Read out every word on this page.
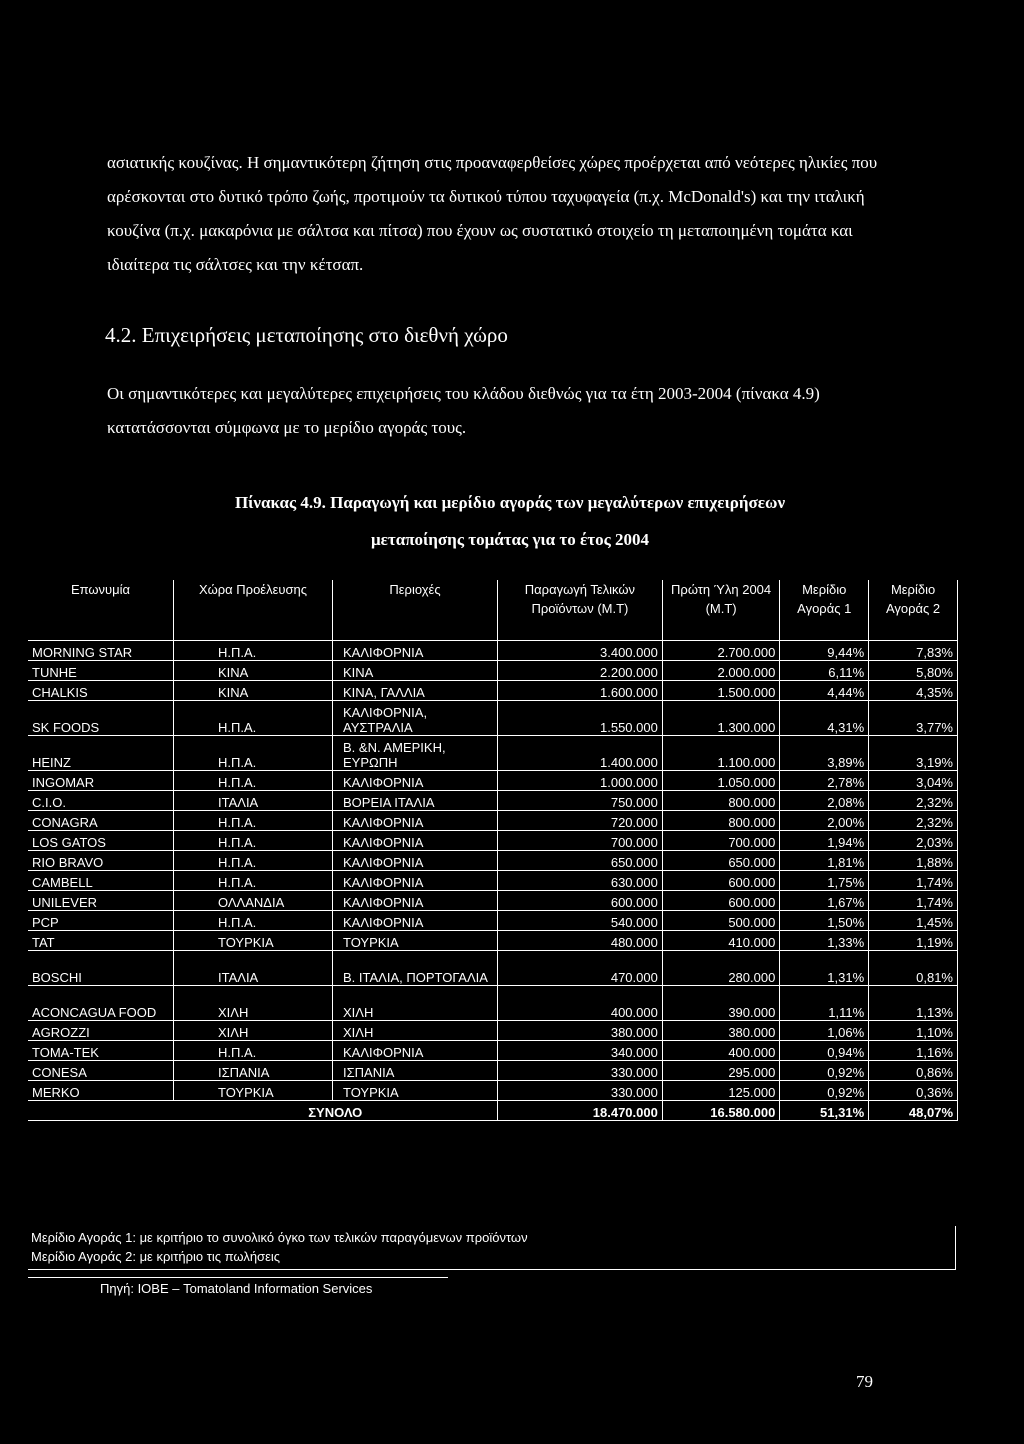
ασιατικής κουζίνας. Η σημαντικότερη ζήτηση στις προαναφερθείσες χώρες προέρχεται από νεότερες ηλικίες που αρέσκονται στο δυτικό τρόπο ζωής, προτιμούν τα δυτικού τύπου ταχυφαγεία (π.χ. McDonald's) και την ιταλική κουζίνα (π.χ. μακαρόνια με σάλτσα και πίτσα) που έχουν ως συστατικό στοιχείο τη μεταποιημένη τομάτα και ιδιαίτερα τις σάλτσες και την κέτσαπ.

4.2. Επιχειρήσεις μεταποίησης στο διεθνή χώρο

Οι σημαντικότερες και μεγαλύτερες επιχειρήσεις του κλάδου διεθνώς για τα έτη 2003-2004 (πίνακα 4.9) κατατάσσονται σύμφωνα με το μερίδιο αγοράς τους.

Πίνακας 4.9. Παραγωγή και μερίδιο αγοράς των μεγαλύτερων επιχειρήσεων
μεταποίησης τομάτας για το έτος 2004
Επωνυμία	Χώρα Προέλευσης	Περιοχές	Παραγωγή Τελικών Προϊόντων (Μ.Τ)	Πρώτη Ύλη 2004 (Μ.Τ)	Μερίδιο Αγοράς 1	Μερίδιο Αγοράς 2
MORNING STAR	Η.Π.Α.	ΚΑΛΙΦΟΡΝΙΑ	3.400.000	2.700.000	9,44%	7,83%
TUNHE	ΚΙΝΑ	ΚΙΝΑ	2.200.000	2.000.000	6,11%	5,80%
CHALKIS	ΚΙΝΑ	ΚΙΝΑ, ΓΑΛΛΙΑ	1.600.000	1.500.000	4,44%	4,35%
SK FOODS	Η.Π.Α.	ΚΑΛΙΦΟΡΝΙΑ, ΑΥΣΤΡΑΛΙΑ	1.550.000	1.300.000	4,31%	3,77%
HEINZ	Η.Π.Α.	Β. &Ν. ΑΜΕΡΙΚΗ, ΕΥΡΩΠΗ	1.400.000	1.100.000	3,89%	3,19%
INGOMAR	Η.Π.Α.	ΚΑΛΙΦΟΡΝΙΑ	1.000.000	1.050.000	2,78%	3,04%
C.I.O.	ΙΤΑΛΙΑ	ΒΟΡΕΙΑ ΙΤΑΛΙΑ	750.000	800.000	2,08%	2,32%
CONAGRA	Η.Π.Α.	ΚΑΛΙΦΟΡΝΙΑ	720.000	800.000	2,00%	2,32%
LOS GATOS	Η.Π.Α.	ΚΑΛΙΦΟΡΝΙΑ	700.000	700.000	1,94%	2,03%
RIO BRAVO	Η.Π.Α.	ΚΑΛΙΦΟΡΝΙΑ	650.000	650.000	1,81%	1,88%
CAMBELL	Η.Π.Α.	ΚΑΛΙΦΟΡΝΙΑ	630.000	600.000	1,75%	1,74%
UNILEVER	ΟΛΛΑΝΔΙΑ	ΚΑΛΙΦΟΡΝΙΑ	600.000	600.000	1,67%	1,74%
PCP	Η.Π.Α.	ΚΑΛΙΦΟΡΝΙΑ	540.000	500.000	1,50%	1,45%
TAT	ΤΟΥΡΚΙΑ	ΤΟΥΡΚΙΑ	480.000	410.000	1,33%	1,19%
BOSCHI	ΙΤΑΛΙΑ	Β. ΙΤΑΛΙΑ, ΠΟΡΤΟΓΑΛΙΑ	470.000	280.000	1,31%	0,81%
ACONCAGUA FOOD	ΧΙΛΗ	ΧΙΛΗ	400.000	390.000	1,11%	1,13%
AGROZZI	ΧΙΛΗ	ΧΙΛΗ	380.000	380.000	1,06%	1,10%
TOMA-TEK	Η.Π.Α.	ΚΑΛΙΦΟΡΝΙΑ	340.000	400.000	0,94%	1,16%
CONESA	ΙΣΠΑΝΙΑ	ΙΣΠΑΝΙΑ	330.000	295.000	0,92%	0,86%
MERKO	ΤΟΥΡΚΙΑ	ΤΟΥΡΚΙΑ	330.000	125.000	0,92%	0,36%
	ΣΥΝΟΛΟ		18.470.000	16.580.000	51,31%	48,07%
Μερίδιο Αγοράς 1: με κριτήριο το συνολικό όγκο των τελικών παραγόμενων προϊόντων
Μερίδιο Αγοράς 2: με κριτήριο τις πωλήσεις
Πηγή: ΙΟΒΕ – Tomatoland Information Services
79
